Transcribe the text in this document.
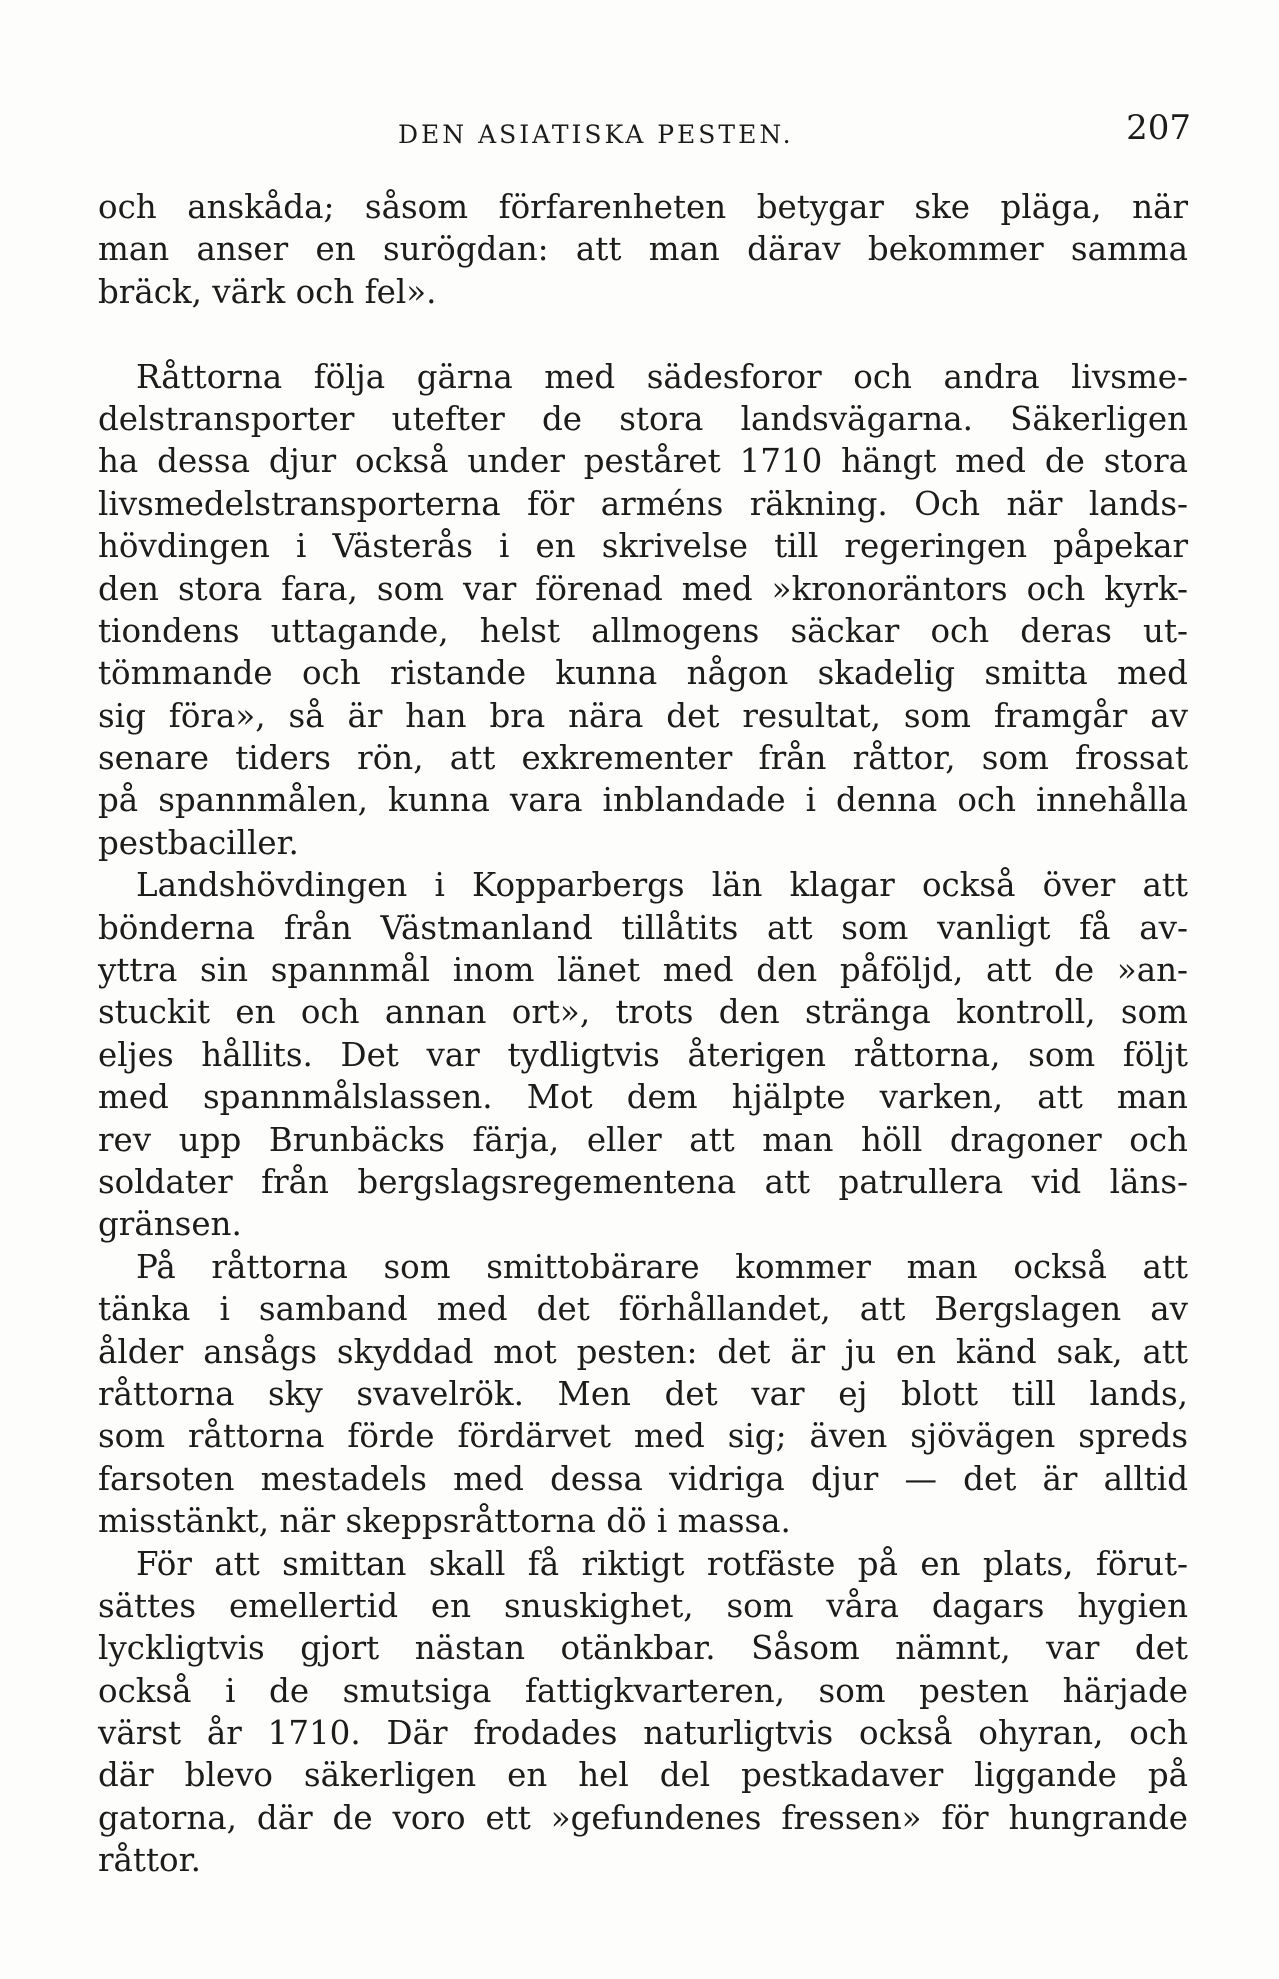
DEN ASIATISKA PESTEN.	207
och anskåda; såsom förfarenheten betygar ske pläga, när
man anser en surögdan: att man därav bekommer samma
bräck, värk och fel».
Råttorna följa gärna med sädesforor och andra livsme-
delstransporter utefter de stora landsvägarna. Säkerligen
ha dessa djur också under peståret 1710 hängt med de stora
livsmedelstransporterna för arméns räkning. Och när lands-
hövdingen i Västerås i en skrivelse till regeringen påpekar
den stora fara, som var förenad med »kronoräntors och kyrk-
tiondens uttagande, helst allmogens säckar och deras ut-
tömmande och ristande kunna någon skadelig smitta med
sig föra», så är han bra nära det resultat, som framgår av
senare tiders rön, att exkrementer från råttor, som frossat
på spannmålen, kunna vara inblandade i denna och innehålla
pestbaciller.
Landshövdingen i Kopparbergs län klagar också över att
bönderna från Västmanland tillåtits att som vanligt få av-
yttra sin spannmål inom länet med den påföljd, att de »an-
stuckit en och annan ort», trots den stränga kontroll, som
eljes hållits. Det var tydligtvis återigen råttorna, som följt
med spannmålslassen. Mot dem hjälpte varken, att man
rev upp Brunbäcks färja, eller att man höll dragoner och
soldater från bergslagsregementena att patrullera vid läns-
gränsen.
På råttorna som smittobärare kommer man också att
tänka i samband med det förhållandet, att Bergslagen av
ålder ansågs skyddad mot pesten: det är ju en känd sak, att
råttorna sky svavelrök. Men det var ej blott till lands,
som råttorna förde fördärvet med sig; även sjövägen spreds
farsoten mestadels med dessa vidriga djur — det är alltid
misstänkt, när skeppsråttorna dö i massa.
För att smittan skall få riktigt rotfäste på en plats, förut-
sättes emellertid en snuskighet, som våra dagars hygien
lyckligtvis gjort nästan otänkbar. Såsom nämnt, var det
också i de smutsiga fattigkvarteren, som pesten härjade
värst år 1710. Där frodades naturligtvis också ohyran, och
där blevo säkerligen en hel del pestkadaver liggande på
gatorna, där de voro ett »gefundenes fressen» för hungrande
råttor.
